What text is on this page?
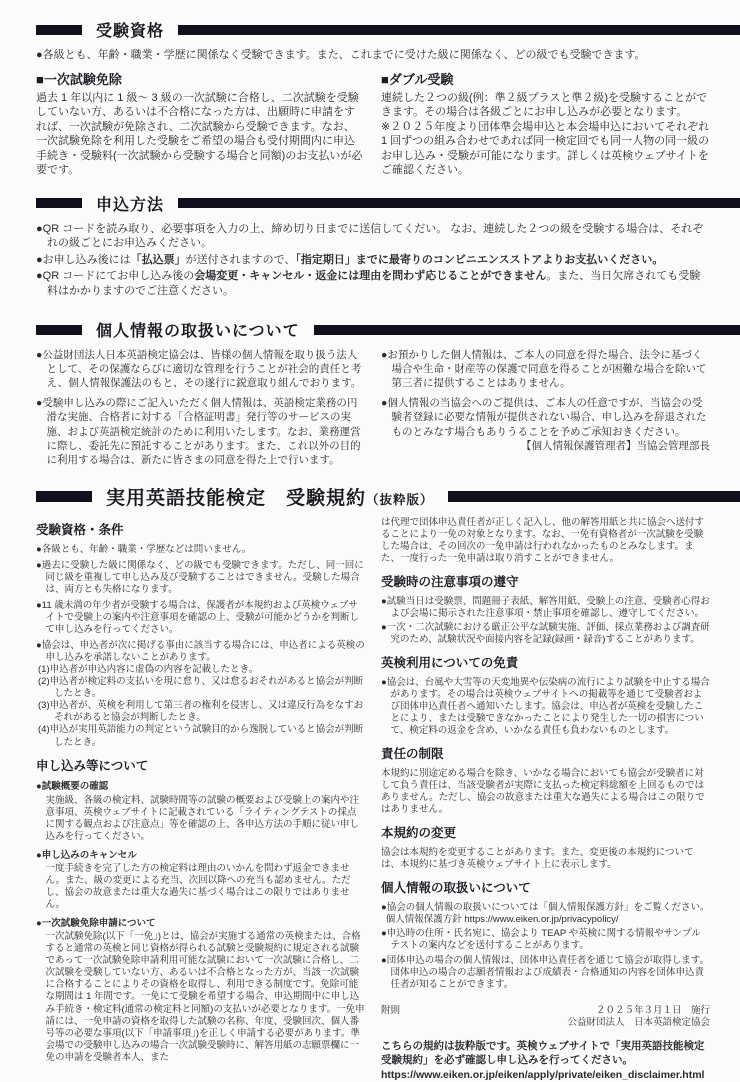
受験資格

●各級とも、年齢・職業・学歴に関係なく受験できます。また、これまでに受けた級に関係なく、どの級でも受験できます。

■一次試験免除

過去 1 年以内に 1 級～ 3 級の一次試験に合格し、二次試験を受験していない方、あるいは不合格になった方は、出願時に申請をすれば、一次試験が免除され、二次試験から受験できます。なお、一次試験免除を利用した受験をご希望の場合も受付期間内に申込手続き・受験料(一次試験から受験する場合と同額)のお支払いが必要です。

■ダブル受験

連続した２つの級(例：準２級プラスと準２級)を受験することができます。その場合は各級ごとにお申し込みが必要となります。

※２０２５年度より団体準会場申込と本会場申込においてそれぞれ 1 回ずつの組み合わせであれば同一検定回でも同一人物の同一級のお申し込み・受験が可能になります。詳しくは英検ウェブサイトをご確認ください。

申込方法

●QR コードを読み取り、必要事項を入力の上、締め切り日までに送信してくだい。 なお、連続した２つの級を受験する場合は、それぞれの級ごとにお申込みください。

●お申し込み後には「払込票」が送付されますので、「指定期日」までに最寄りのコンビニエンスストアよりお支払いください。

●QR コードにてお申し込み後の会場変更・キャンセル・返金には理由を問わず応じることができません。また、当日欠席されても受験料はかかりますのでご注意ください。

個人情報の取扱いについて

●公益財団法人日本英語検定協会は、皆様の個人情報を取り扱う法人として、その保護ならびに適切な管理を行うことが社会的責任と考え、個人情報保護法のもと、その遂行に鋭意取り組んでおります。

●受験申し込みの際にご記入いただく個人情報は、英語検定業務の円滑な実施、合格者に対する「合格証明書」発行等のサービスの実施、および英語検定統計のために利用いたします。なお、業務運営に際し、委託先に預託することがあります。また、これ以外の目的に利用する場合は、新たに皆さまの同意を得た上で行います。

●お預かりした個人情報は、ご本人の同意を得た場合、法令に基づく場合や生命・財産等の保護で同意を得ることが困難な場合を除いて第三者に提供することはありません。

●個人情報の当協会へのご提供は、ご本人の任意ですが、当協会の受験者登録に必要な情報が提供されない場合、申し込みを辞退されたものとみなす場合もありうることを予めご承知おきください。

【個人情報保護管理者】当協会管理部長

実用英語技能検定　受験規約（抜粋版）
受験資格・条件

●各級とも、年齢・職業・学歴などは問いません。

●過去に受験した級に関係なく、どの級でも受験できます。ただし、同一回に同じ級を重複して申し込み及び受験することはできません。受験した場合は、両方とも失格になります。

●11 歳未満の年少者が受験する場合は、保護者が本規約および英検ウェブサイトで受験上の案内や注意事項を確認の上、受験が可能かどうかを判断して申し込みを行ってください。

●協会は、申込者が次に掲げる事由に該当する場合には、申込者による英検の申し込みを承諾しないことがあります。

(1)申込者が申込内容に虚偽の内容を記載したとき。

(2)申込者が検定料の支払いを現に怠り、又は怠るおそれがあると協会が判断したとき。

(3)申込者が、英検を利用して第三者の権利を侵害し、又は違反行為をなすおそれがあると協会が判断したとき。

(4)申込が実用英語能力の判定という試験目的から逸脱していると協会が判断したとき。

申し込み等について

●試験概要の確認

実施級、各級の検定料、試験時間等の試験の概要および受験上の案内や注意事項、英検ウェブサイトに記載されている「ライティングテストの採点に関する観点および注意点」等を確認の上、各申込方法の手順に従い申し込みを行ってください。

●申し込みのキャンセル

一度手続きを完了した方の検定料は理由のいかんを問わず返金できません。また、級の変更による充当、次回以降への充当も認めません。ただし、協会の故意または重大な過失に基づく場合はこの限りではありません。

●一次試験免除申請について

一次試験免除(以下「一免」)とは、協会が実施する通常の英検または、合格すると通常の英検と同じ資格が得られる試験と受験規約に規定される試験であって一次試験免除申請利用可能な試験において一次試験に合格し、二次試験を受験していない方、あるいは不合格となった方が、当該一次試験に合格することによりその資格を取得し、利用できる制度です。免除可能な期間は 1 年間です。一免にて受験を希望する場合、申込期間中に申し込み手続き・検定料(通常の検定料と同額)の支払いが必要となります。一免申請には、一免申請の資格を取得した試験の名称、年度、受験回次、個人番号等の必要な事項(以下「申請事項」)を正しく申請する必要があります。準会場での受験申し込みの場合一次試験受験時に、解答用紙の志願票欄に一免の申請を受験者本人、また

は代理で団体申込責任者が正しく記入し、他の解答用紙と共に協会へ送付することにより一免の対象となります。なお、一免有資格者が一次試験を受験した場合は、その回次の一免申請は行われなかったものとみなします。また、一度行った一免申請は取り消すことができません。

受験時の注意事項の遵守

●試験当日は受験票、問題冊子表紙、解答用紙、受験上の注意、受験者心得および会場に掲示された注意事項・禁止事項を確認し、遵守してください。

●一次・二次試験における厳正公平な試験実施、評価、採点業務および調査研究のため、試験状況や面接内容を記録(録画・録音)することがあります。

英検利用についての免責

●協会は、台風や大雪等の天変地異や伝染病の流行により試験を中止する場合があります。その場合は英検ウェブサイトへの掲載等を通じて受験者および団体申込責任者へ通知いたします。協会は、申込者が英検を受験したことにより、または受験できなかったことにより発生した一切の損害について、検定料の返金を含め、いかなる責任も負わないものとします。

責任の制限

本規約に別途定める場合を除き、いかなる場合においても協会が受験者に対して負う責任は、当該受験者が実際に支払った検定料総額を上回るものではありません。ただし、協会の故意または重大な過失による場合はこの限りではありません。

本規約の変更

協会は本規約を変更することがあります。また、変更後の本規約については、本規約に基づき英検ウェブサイト上に表示します。

個人情報の取扱いについて

●協会の個人情報の取扱いについては「個人情報保護方針」をご覧ください。

個人情報保護方針 https://www.eiken.or.jp/privacypolicy/

●申込時の住所・氏名宛に、協会より TEAP や英検に関する情報やサンプルテストの案内などを送付することがあります。

●団体申込の場合の個人情報は、団体申込責任者を通じて協会が取得します。団体申込の場合の志願者情報および成績表・合格通知の内容を団体申込責任者が知ることができます。

附則	２０２５年３月１日　施行

公益財団法人　日本英語検定協会

こちらの規約は抜粋版です。英検ウェブサイトで「実用英語技能検定　受験規約」を必ず確認し申し込みを行ってください。

https://www.eiken.or.jp/eiken/apply/private/eiken_disclaimer.html
